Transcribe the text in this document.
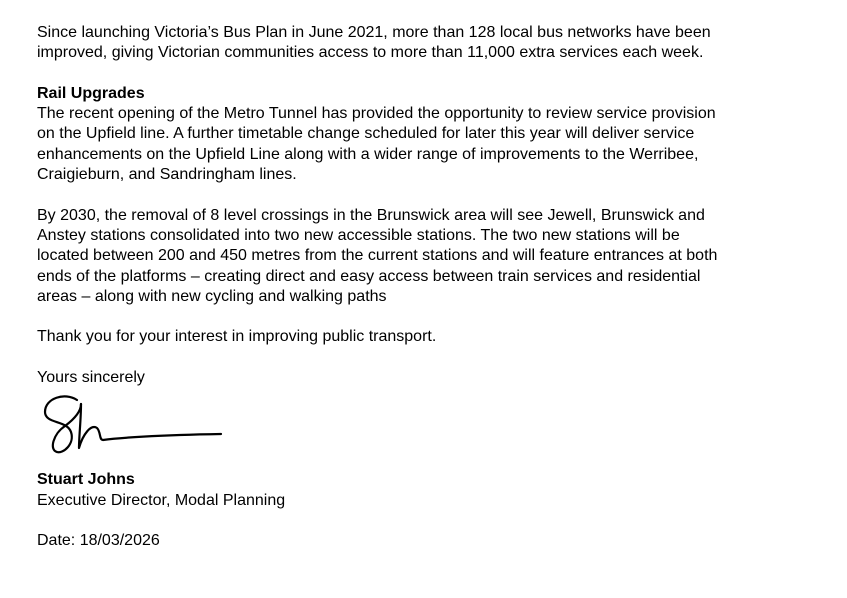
Since launching Victoria’s Bus Plan in June 2021, more than 128 local bus networks have been
improved, giving Victorian communities access to more than 11,000 extra services each week.

Rail Upgrades

The recent opening of the Metro Tunnel has provided the opportunity to review service provision
on the Upfield line. A further timetable change scheduled for later this year will deliver service
enhancements on the Upfield Line along with a wider range of improvements to the Werribee,
Craigieburn, and Sandringham lines.

By 2030, the removal of 8 level crossings in the Brunswick area will see Jewell, Brunswick and
Anstey stations consolidated into two new accessible stations. The two new stations will be
located between 200 and 450 metres from the current stations and will feature entrances at both
ends of the platforms – creating direct and easy access between train services and residential
areas – along with new cycling and walking paths

Thank you for your interest in improving public transport.

Yours sincerely

Stuart Johns

Executive Director, Modal Planning

Date: 18/03/2026
